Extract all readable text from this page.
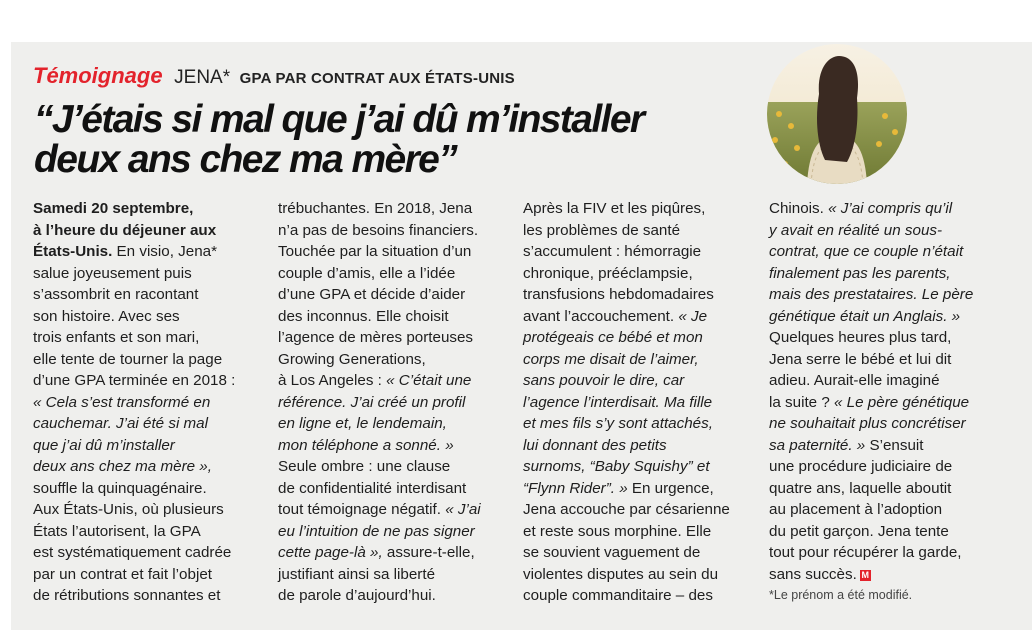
Témoignage JENA* GPA PAR CONTRAT AUX ÉTATS-UNIS
“J’étais si mal que j’ai dû m’installer
deux ans chez ma mère”
Samedi 20 septembre,
à l’heure du déjeuner aux
États-Unis. En visio, Jena*
salue joyeusement puis
s’assombrit en racontant
son histoire. Avec ses
trois enfants et son mari,
elle tente de tourner la page
d’une GPA terminée en 2018 :
« Cela s’est transformé en
cauchemar. J’ai été si mal
que j’ai dû m’installer
deux ans chez ma mère »,
souffle la quinquagénaire.
Aux États-Unis, où plusieurs
États l’autorisent, la GPA
est systématiquement cadrée
par un contrat et fait l’objet
de rétributions sonnantes et
trébuchantes. En 2018, Jena
n’a pas de besoins financiers.
Touchée par la situation d’un
couple d’amis, elle a l’idée
d’une GPA et décide d’aider
des inconnus. Elle choisit
l’agence de mères porteuses
Growing Generations,
à Los Angeles : « C’était une
référence. J’ai créé un profil
en ligne et, le lendemain,
mon téléphone a sonné. »
Seule ombre : une clause
de confidentialité interdisant
tout témoignage négatif. « J’ai
eu l’intuition de ne pas signer
cette page-là », assure-t-elle,
justifiant ainsi sa liberté
de parole d’aujourd’hui.
Après la FIV et les piqûres,
les problèmes de santé
s’accumulent : hémorragie
chronique, prééclampsie,
transfusions hebdomadaires
avant l’accouchement. « Je
protégeais ce bébé et mon
corps me disait de l’aimer,
sans pouvoir le dire, car
l’agence l’interdisait. Ma fille
et mes fils s’y sont attachés,
lui donnant des petits
surnoms, “Baby Squishy” et
“Flynn Rider”. » En urgence,
Jena accouche par césarienne
et reste sous morphine. Elle
se souvient vaguement de
violentes disputes au sein du
couple commanditaire – des
Chinois. « J’ai compris qu’il
y avait en réalité un sous-
contrat, que ce couple n’était
finalement pas les parents,
mais des prestataires. Le père
génétique était un Anglais. »
Quelques heures plus tard,
Jena serre le bébé et lui dit
adieu. Aurait-elle imaginé
la suite ? « Le père génétique
ne souhaitait plus concrétiser
sa paternité. » S’ensuit
une procédure judiciaire de
quatre ans, laquelle aboutit
au placement à l’adoption
du petit garçon. Jena tente
tout pour récupérer la garde,
sans succès. M
*Le prénom a été modifié.
